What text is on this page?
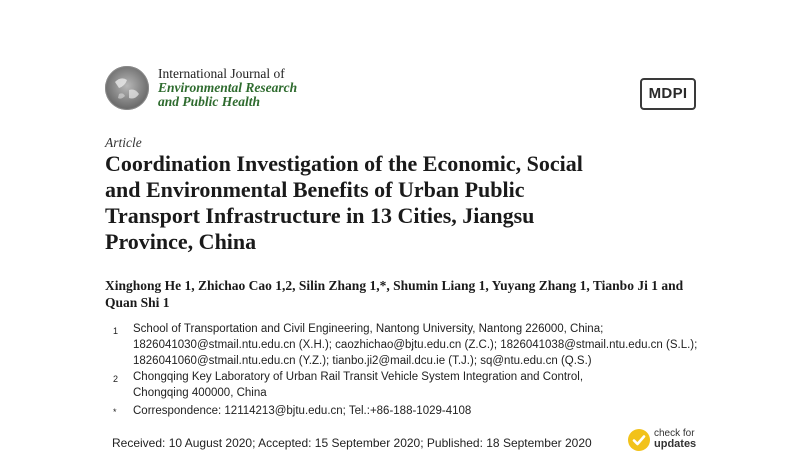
International Journal of
Environmental Research
and Public Health	MDPI
Article
Coordination Investigation of the Economic, Social
and Environmental Benefits of Urban Public
Transport Infrastructure in 13 Cities, Jiangsu
Province, China
Xinghong He 1, Zhichao Cao 1,2, Silin Zhang 1,*, Shumin Liang 1, Yuyang Zhang 1, Tianbo Ji 1 and
Quan Shi 1
1 School of Transportation and Civil Engineering, Nantong University, Nantong 226000, China;
1826041030@stmail.ntu.edu.cn (X.H.); caozhichao@bjtu.edu.cn (Z.C.); 1826041038@stmail.ntu.edu.cn (S.L.);
1826041060@stmail.ntu.edu.cn (Y.Z.); tianbo.ji2@mail.dcu.ie (T.J.); sq@ntu.edu.cn (Q.S.)
2 Chongqing Key Laboratory of Urban Rail Transit Vehicle System Integration and Control,
Chongqing 400000, China
* Correspondence: 12114213@bjtu.edu.cn; Tel.:+86-188-1029-4108
Received: 10 August 2020; Accepted: 15 September 2020; Published: 18 September 2020
check for
updates
